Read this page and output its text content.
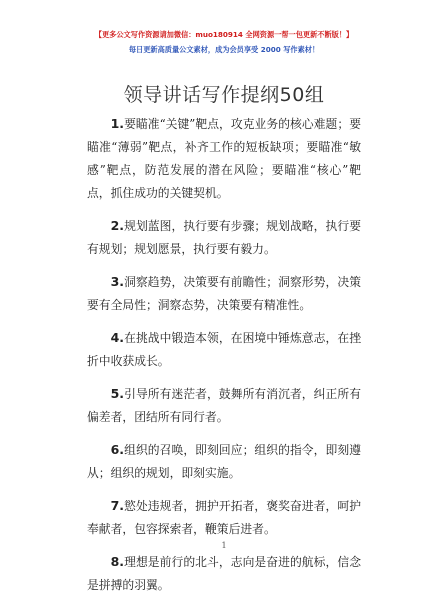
【更多公文写作资源请加微信：muo180914 全网资源一帮一包更新不断版！】
每日更新高质量公文素材，成为会员享受 2000 写作素材！
领导讲话写作提纲50组

1.要瞄准“关键”靶点，攻克业务的核心难题；要瞄准“薄弱”靶点，补齐工作的短板缺项；要瞄准“敏感”靶点，防范发展的潜在风险；要瞄准“核心”靶点，抓住成功的关键契机。

2.规划蓝图，执行要有步骤；规划战略，执行要有规划；规划愿景，执行要有毅力。

3.洞察趋势，决策要有前瞻性；洞察形势，决策要有全局性；洞察态势，决策要有精准性。

4.在挑战中锻造本领，在困境中锤炼意志，在挫折中收获成长。

5.引导所有迷茫者，鼓舞所有消沉者，纠正所有偏差者，团结所有同行者。

6.组织的召唤，即刻回应；组织的指令，即刻遵从；组织的规划，即刻实施。

7.慾处违规者，拥护开拓者，褒奖奋进者，呵护奉献者，包容探索者，鞭策后进者。

8.理想是前行的北斗，志向是奋进的航标，信念是拼搏的羽翼。

1
